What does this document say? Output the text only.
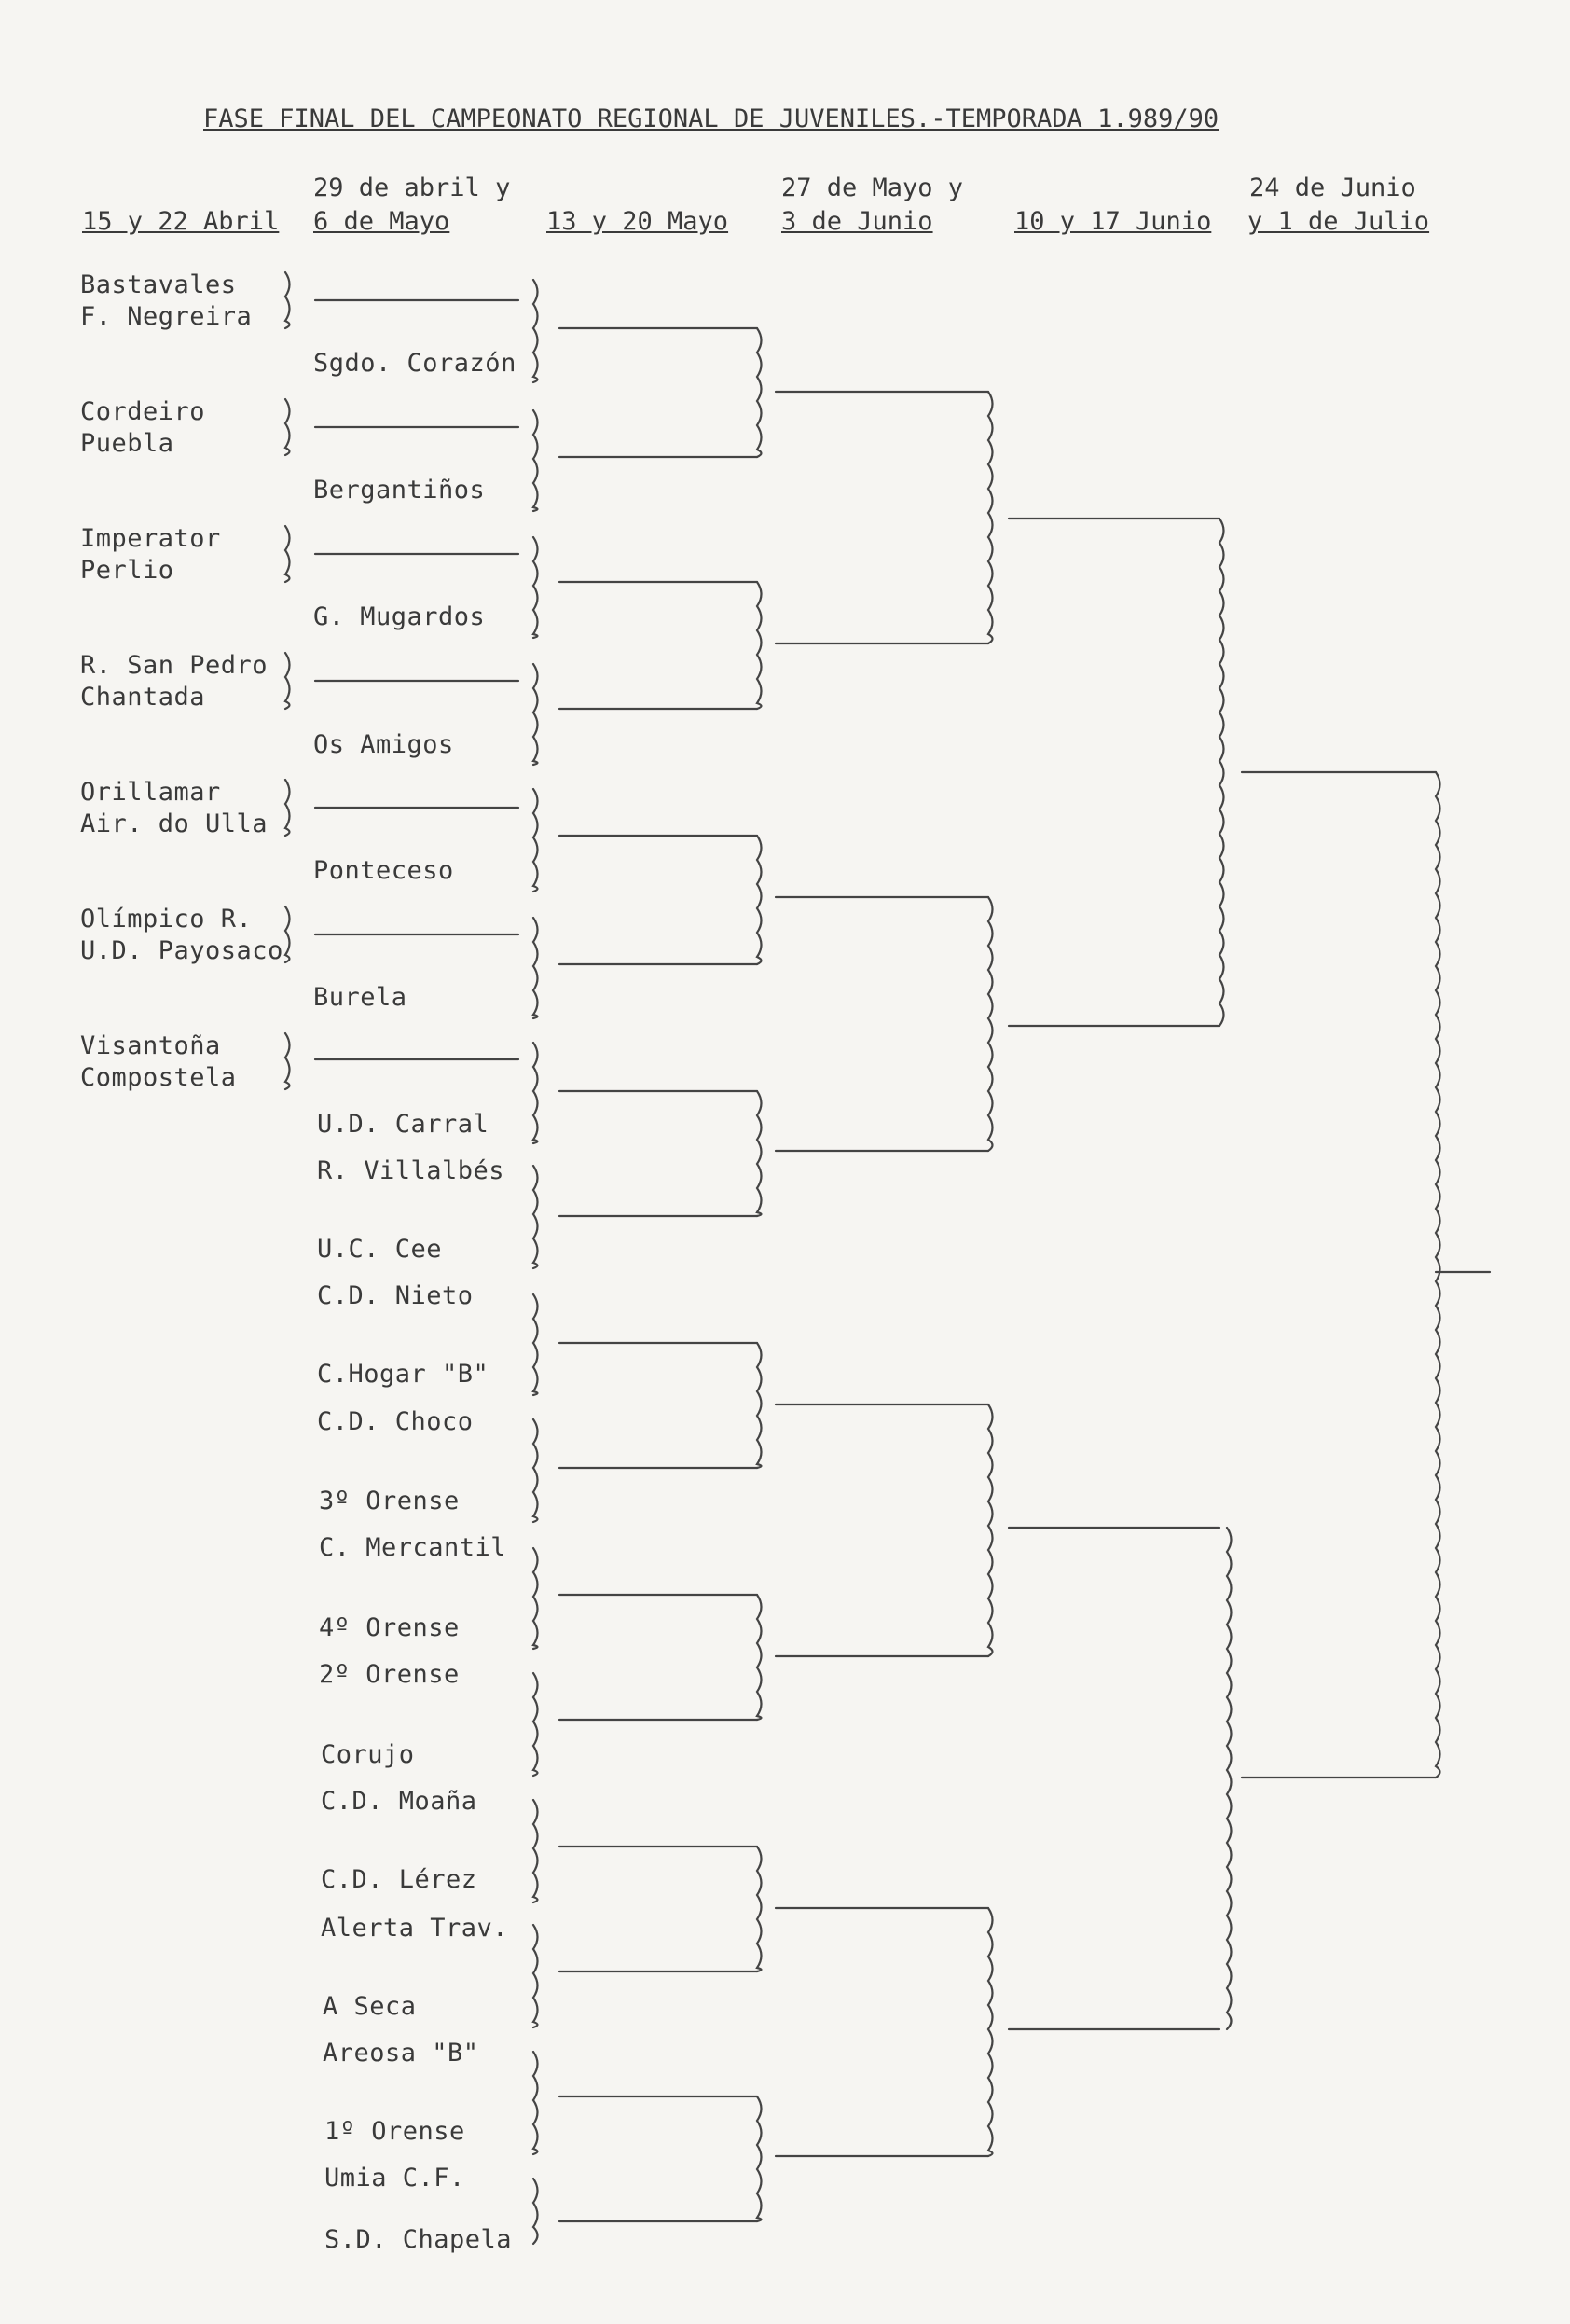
FASE FINAL DEL CAMPEONATO REGIONAL DE JUVENILES.-TEMPORADA 1.989/90
15 y 22 Abril
29 de abril y
6 de Mayo	13 y 20 Mayo
27 de Mayo y
3 de Junio	10 y 17 Junio
24 de Junio
y 1 de Julio
Bastavales
F. Negreira
Cordeiro
Puebla
Imperator
Perlio
R. San Pedro
Chantada
Orillamar
Air. do Ulla
Olímpico R.
U.D. Payosaco
Visantoña
Compostela
Sgdo. Corazón
Bergantiños
G. Mugardos
Os Amigos
Ponteceso
Burela
U.D. Carral
R. Villalbés
U.C. Cee
C.D. Nieto
C.Hogar "B"
C.D. Choco
3º Orense
C. Mercantil
4º Orense
2º Orense
Corujo
C.D. Moaña
C.D. Lérez
Alerta Trav.
A Seca
Areosa "B"
1º Orense
Umia C.F.
S.D. Chapela
